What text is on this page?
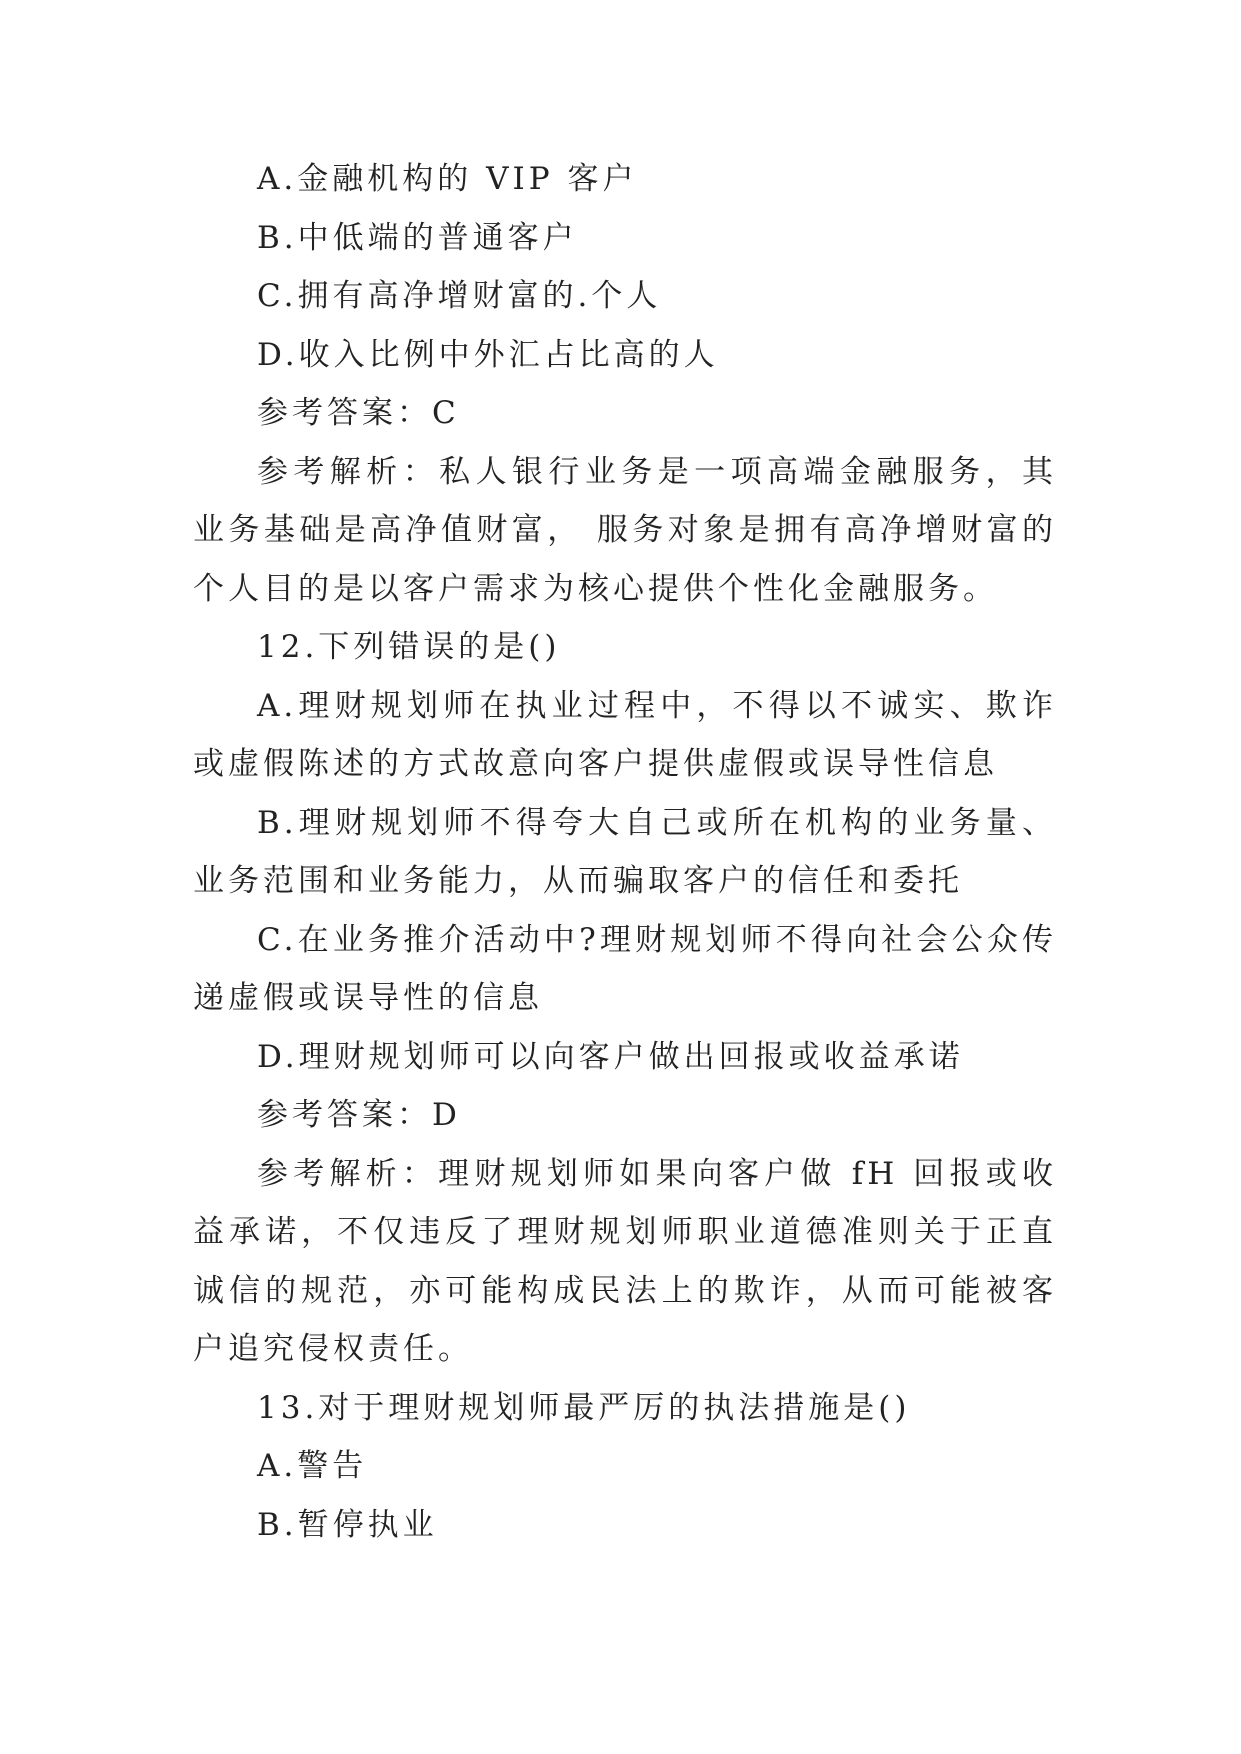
A.金融机构的 VIP 客户

B.中低端的普通客户

C.拥有高净增财富的.个人

D.收入比例中外汇占比高的人

参考答案：C

参考解析：私人银行业务是一项高端金融服务，其业务基础是高净值财富， 服务对象是拥有高净增财富的个人目的是以客户需求为核心提供个性化金融服务。

12.下列错误的是()

A.理财规划师在执业过程中，不得以不诚实、欺诈或虚假陈述的方式故意向客户提供虚假或误导性信息

B.理财规划师不得夸大自己或所在机构的业务量、业务范围和业务能力，从而骗取客户的信任和委托

C.在业务推介活动中?理财规划师不得向社会公众传递虚假或误导性的信息

D.理财规划师可以向客户做出回报或收益承诺

参考答案：D

参考解析：理财规划师如果向客户做 fH 回报或收益承诺，不仅违反了理财规划师职业道德准则关于正直诚信的规范，亦可能构成民法上的欺诈，从而可能被客户追究侵权责任。

13.对于理财规划师最严厉的执法措施是()

A.警告

B.暂停执业
